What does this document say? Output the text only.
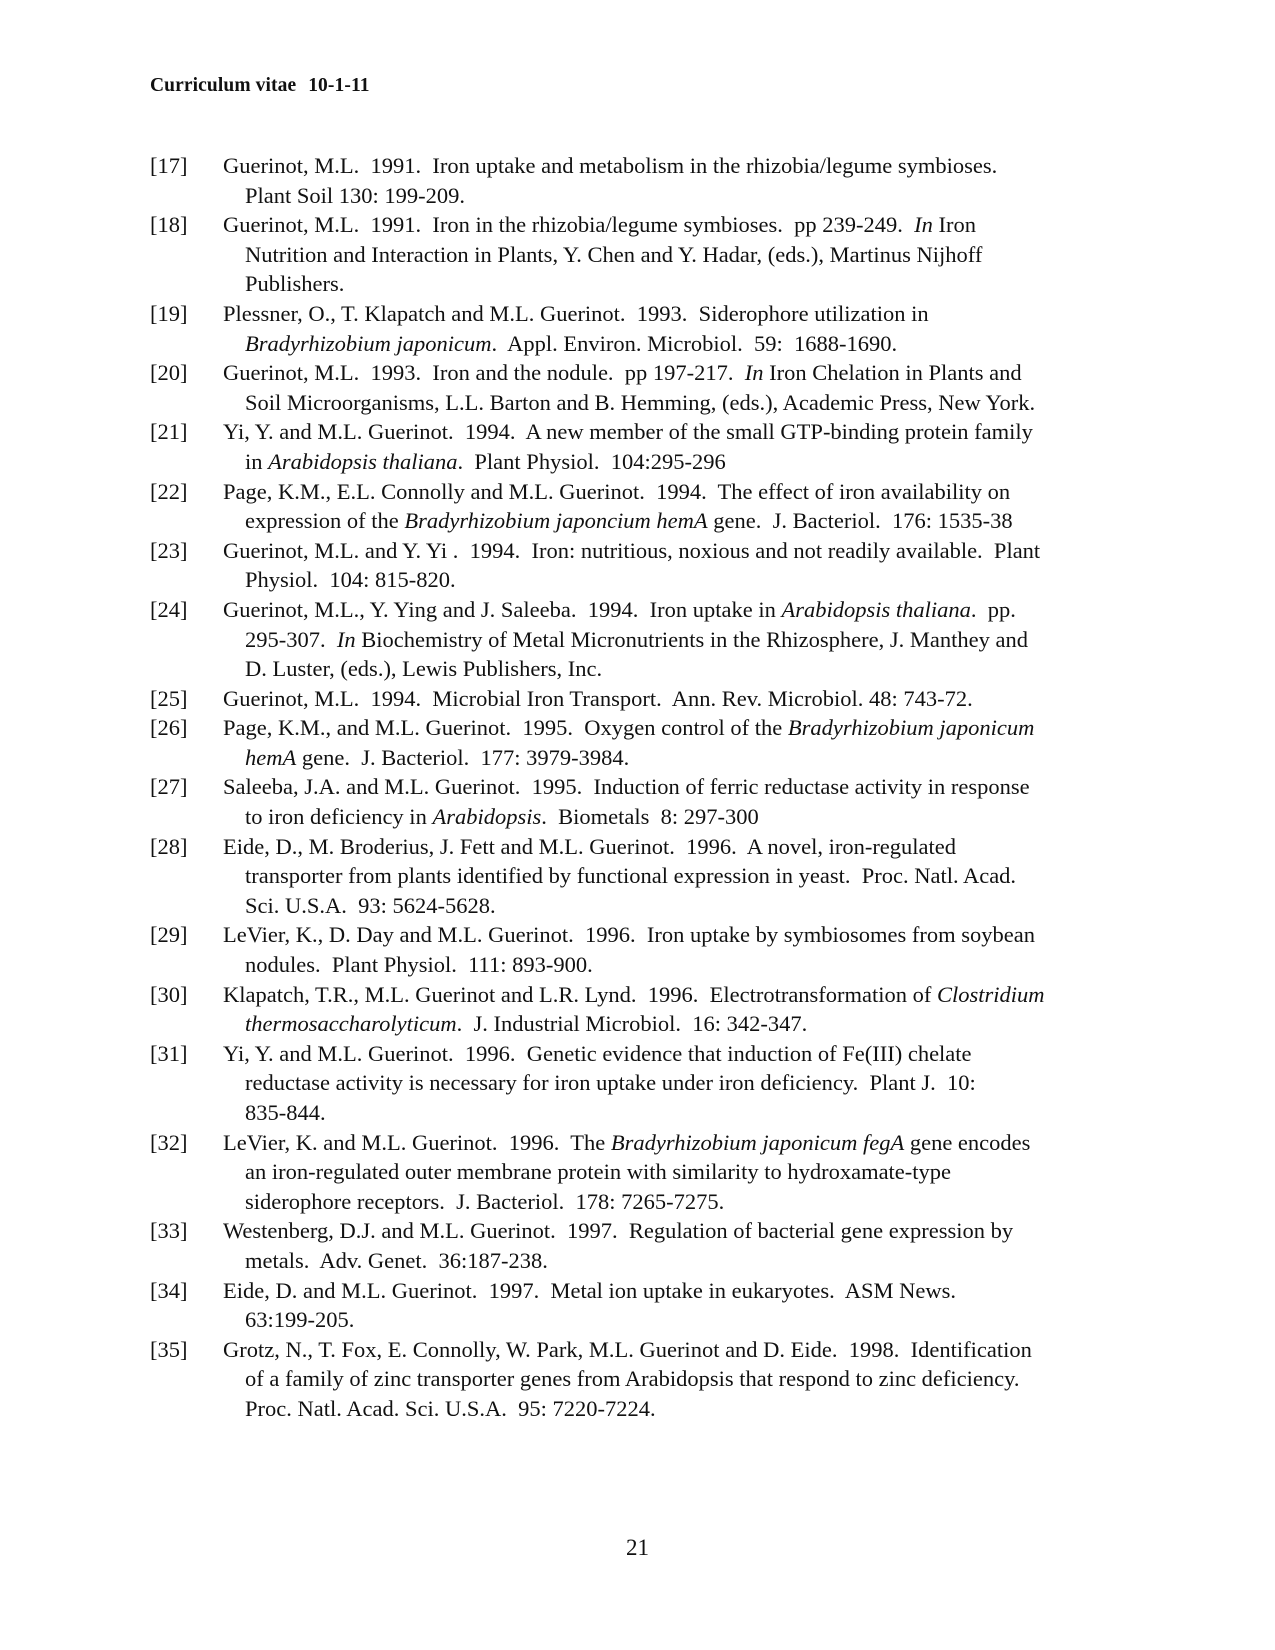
Curriculum vitae 10-1-11
[17] Guerinot, M.L.  1991.  Iron uptake and metabolism in the rhizobia/legume symbioses.
Plant Soil 130: 199-209.
[18] Guerinot, M.L.  1991.  Iron in the rhizobia/legume symbioses.  pp 239-249.  In Iron
Nutrition and Interaction in Plants, Y. Chen and Y. Hadar, (eds.), Martinus Nijhoff
Publishers.
[19] Plessner, O., T. Klapatch and M.L. Guerinot.  1993.  Siderophore utilization in
Bradyrhizobium japonicum.  Appl. Environ. Microbiol.  59:  1688-1690.
[20] Guerinot, M.L.  1993.  Iron and the nodule.  pp 197-217.  In Iron Chelation in Plants and
Soil Microorganisms, L.L. Barton and B. Hemming, (eds.), Academic Press, New York.
[21] Yi, Y. and M.L. Guerinot.  1994.  A new member of the small GTP-binding protein family
in Arabidopsis thaliana.  Plant Physiol.  104:295-296
[22] Page, K.M., E.L. Connolly and M.L. Guerinot.  1994.  The effect of iron availability on
expression of the Bradyrhizobium japoncium hemA gene.  J. Bacteriol.  176: 1535-38
[23] Guerinot, M.L. and Y. Yi .  1994.  Iron: nutritious, noxious and not readily available.  Plant
Physiol.  104: 815-820.
[24] Guerinot, M.L., Y. Ying and J. Saleeba.  1994.  Iron uptake in Arabidopsis thaliana.  pp.
295-307.  In Biochemistry of Metal Micronutrients in the Rhizosphere, J. Manthey and
D. Luster, (eds.), Lewis Publishers, Inc.
[25] Guerinot, M.L.  1994.  Microbial Iron Transport.  Ann. Rev. Microbiol. 48: 743-72.
[26] Page, K.M., and M.L. Guerinot.  1995.  Oxygen control of the Bradyrhizobium japonicum
hemA gene.  J. Bacteriol.  177: 3979-3984.
[27] Saleeba, J.A. and M.L. Guerinot.  1995.  Induction of ferric reductase activity in response
to iron deficiency in Arabidopsis.  Biometals  8: 297-300
[28] Eide, D., M. Broderius, J. Fett and M.L. Guerinot.  1996.  A novel, iron-regulated
transporter from plants identified by functional expression in yeast.  Proc. Natl. Acad.
Sci. U.S.A.  93: 5624-5628.
[29] LeVier, K., D. Day and M.L. Guerinot.  1996.  Iron uptake by symbiosomes from soybean
nodules.  Plant Physiol.  111: 893-900.
[30] Klapatch, T.R., M.L. Guerinot and L.R. Lynd.  1996.  Electrotransformation of Clostridium
thermosaccharolyticum.  J. Industrial Microbiol.  16: 342-347.
[31] Yi, Y. and M.L. Guerinot.  1996.  Genetic evidence that induction of Fe(III) chelate
reductase activity is necessary for iron uptake under iron deficiency.  Plant J.  10:
835-844.
[32] LeVier, K. and M.L. Guerinot.  1996.  The Bradyrhizobium japonicum fegA gene encodes
an iron-regulated outer membrane protein with similarity to hydroxamate-type
siderophore receptors.  J. Bacteriol.  178: 7265-7275.
[33] Westenberg, D.J. and M.L. Guerinot.  1997.  Regulation of bacterial gene expression by
metals.  Adv. Genet.  36:187-238.
[34] Eide, D. and M.L. Guerinot.  1997.  Metal ion uptake in eukaryotes.  ASM News.
63:199-205.
[35] Grotz, N., T. Fox, E. Connolly, W. Park, M.L. Guerinot and D. Eide.  1998.  Identification
of a family of zinc transporter genes from Arabidopsis that respond to zinc deficiency.
Proc. Natl. Acad. Sci. U.S.A.  95: 7220-7224.
21
